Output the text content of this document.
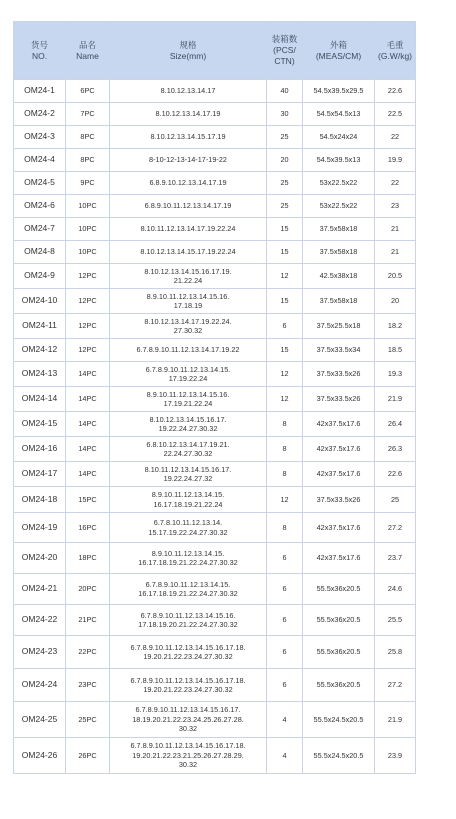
货号
NO.	品名
Name	规格
Size(mm)	装箱数
(PCS/
CTN)	外箱
(MEAS/CM)	毛重
(G.W/kg)

OM24-1	6PC	8.10.12.13.14.17	40	54.5x39.5x29.5	22.6
OM24-2	7PC	8.10.12.13.14.17.19	30	54.5x54.5x13	22.5
OM24-3	8PC	8.10.12.13.14.15.17.19	25	54.5x24x24	22
OM24-4	8PC	8-10-12-13-14-17-19-22	20	54.5x39.5x13	19.9
OM24-5	9PC	6.8.9.10.12.13.14.17.19	25	53x22.5x22	22
OM24-6	10PC	6.8.9.10.11.12.13.14.17.19	25	53x22.5x22	23
OM24-7	10PC	8.10.11.12.13.14.17.19.22.24	15	37.5x58x18	21
OM24-8	10PC	8.10.12.13.14.15.17.19.22.24	15	37.5x58x18	21
OM24-9	12PC	8.10.12.13.14.15.16.17.19.
21.22.24	12	42.5x38x18	20.5
OM24-10	12PC	8.9.10.11.12.13.14.15.16.
17.18.19	15	37.5x58x18	20
OM24-11	12PC	8.10.12.13.14.17.19.22.24.
27.30.32	6	37.5x25.5x18	18.2
OM24-12	12PC	6.7.8.9.10.11.12.13.14.17.19.22	15	37.5x33.5x34	18.5
OM24-13	14PC	6.7.8.9.10.11.12.13.14.15.
17.19.22.24	12	37.5x33.5x26	19.3
OM24-14	14PC	8.9.10.11.12.13.14.15.16.
17.19.21.22.24	12	37.5x33.5x26	21.9
OM24-15	14PC	8.10.12.13.14.15.16.17.
19.22.24.27.30.32	8	42x37.5x17.6	26.4
OM24-16	14PC	6.8.10.12.13.14.17.19.21.
22.24.27.30.32	8	42x37.5x17.6	26.3
OM24-17	14PC	8.10.11.12.13.14.15.16.17.
19.22.24.27.32	8	42x37.5x17.6	22.6
OM24-18	15PC	8.9.10.11.12.13.14.15.
16.17.18.19.21.22.24	12	37.5x33.5x26	25
OM24-19	16PC	6.7.8.10.11.12.13.14.
15.17.19.22.24.27.30.32	8	42x37.5x17.6	27.2
OM24-20	18PC	8.9.10.11.12.13.14.15.
16.17.18.19.21.22.24.27.30.32	6	42x37.5x17.6	23.7
OM24-21	20PC	6.7.8.9.10.11.12.13.14.15.
16.17.18.19.21.22.24.27.30.32	6	55.5x36x20.5	24.6
OM24-22	21PC	6.7.8.9.10.11.12.13.14.15.16.
17.18.19.20.21.22.24.27.30.32	6	55.5x36x20.5	25.5
OM24-23	22PC	6.7.8.9.10.11.12.13.14.15.16.17.18.
19.20.21.22.23.24.27.30.32	6	55.5x36x20.5	25.8
OM24-24	23PC	6.7.8.9.10.11.12.13.14.15.16.17.18.
19.20.21.22.23.24.27.30.32	6	55.5x36x20.5	27.2
OM24-25	25PC	6.7.8.9.10.11.12.13.14.15.16.17.
18.19.20.21.22.23.24.25.26.27.28.
30.32	4	55.5x24.5x20.5	21.9
OM24-26	26PC	6.7.8.9.10.11.12.13.14.15.16.17.18.
19.20.21.22.23.21.25.26.27.28.29.
30.32	4	55.5x24.5x20.5	23.9
